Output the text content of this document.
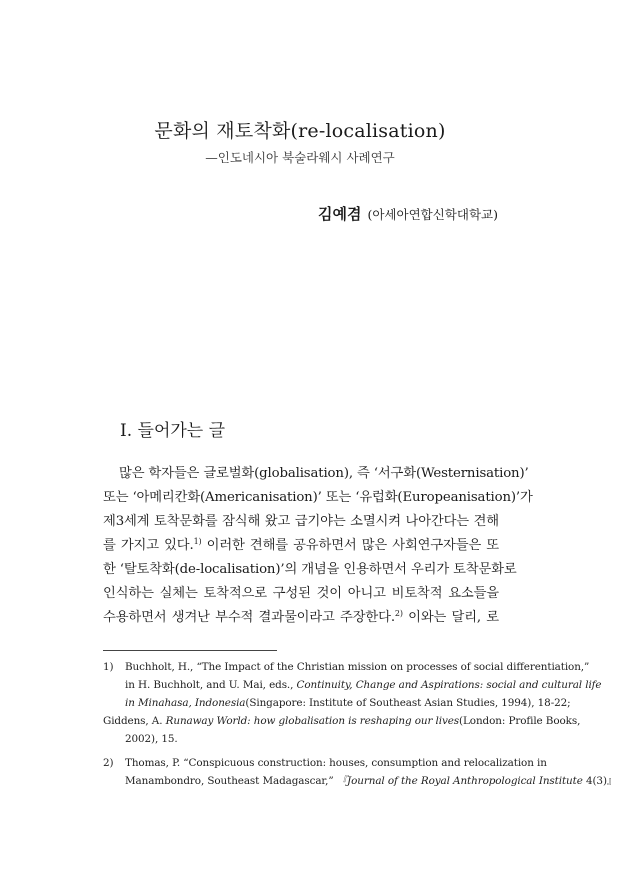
문화의 재토착화(re-localisation)
—인도네시아 북술라웨시 사례연구
김예겸 (아세아연합신학대학교)
I. 들어가는 글
많은 학자들은 글로벌화(globalisation), 즉 ‘서구화(Westernisation)’
또는 ‘아메리칸화(Americanisation)’ 또는 ‘유럽화(Europeanisation)’가
제3세계 토착문화를 잠식해 왔고 급기야는 소멸시켜 나아간다는 견해
를 가지고 있다.$^{1)}$ 이러한 견해를 공유하면서 많은 사회연구자들은 또
한 ‘탈토착화(de-localisation)’의 개념을 인용하면서 우리가 토착문화로
인식하는 실체는 토착적으로 구성된 것이 아니고 비토착적 요소들을
수용하면서 생겨난 부수적 결과물이라고 주장한다.$^{2)}$ 이와는 달리, 로
1) Buchholt, H., “The Impact of the Christian mission on processes of social differentiation,”
in H. Buchholt, and U. Mai, eds., Continuity, Change and Aspirations: social and cultural life
in Minahasa, Indonesia(Singapore: Institute of Southeast Asian Studies, 1994), 18-22;
Giddens, A. Runaway World: how globalisation is reshaping our lives(London: Profile Books,
2002), 15.
2) Thomas, P. “Conspicuous construction: houses, consumption and relocalization in
Manambondro, Southeast Madagascar,” 『Journal of the Royal Anthropological Institute 4(3)』
